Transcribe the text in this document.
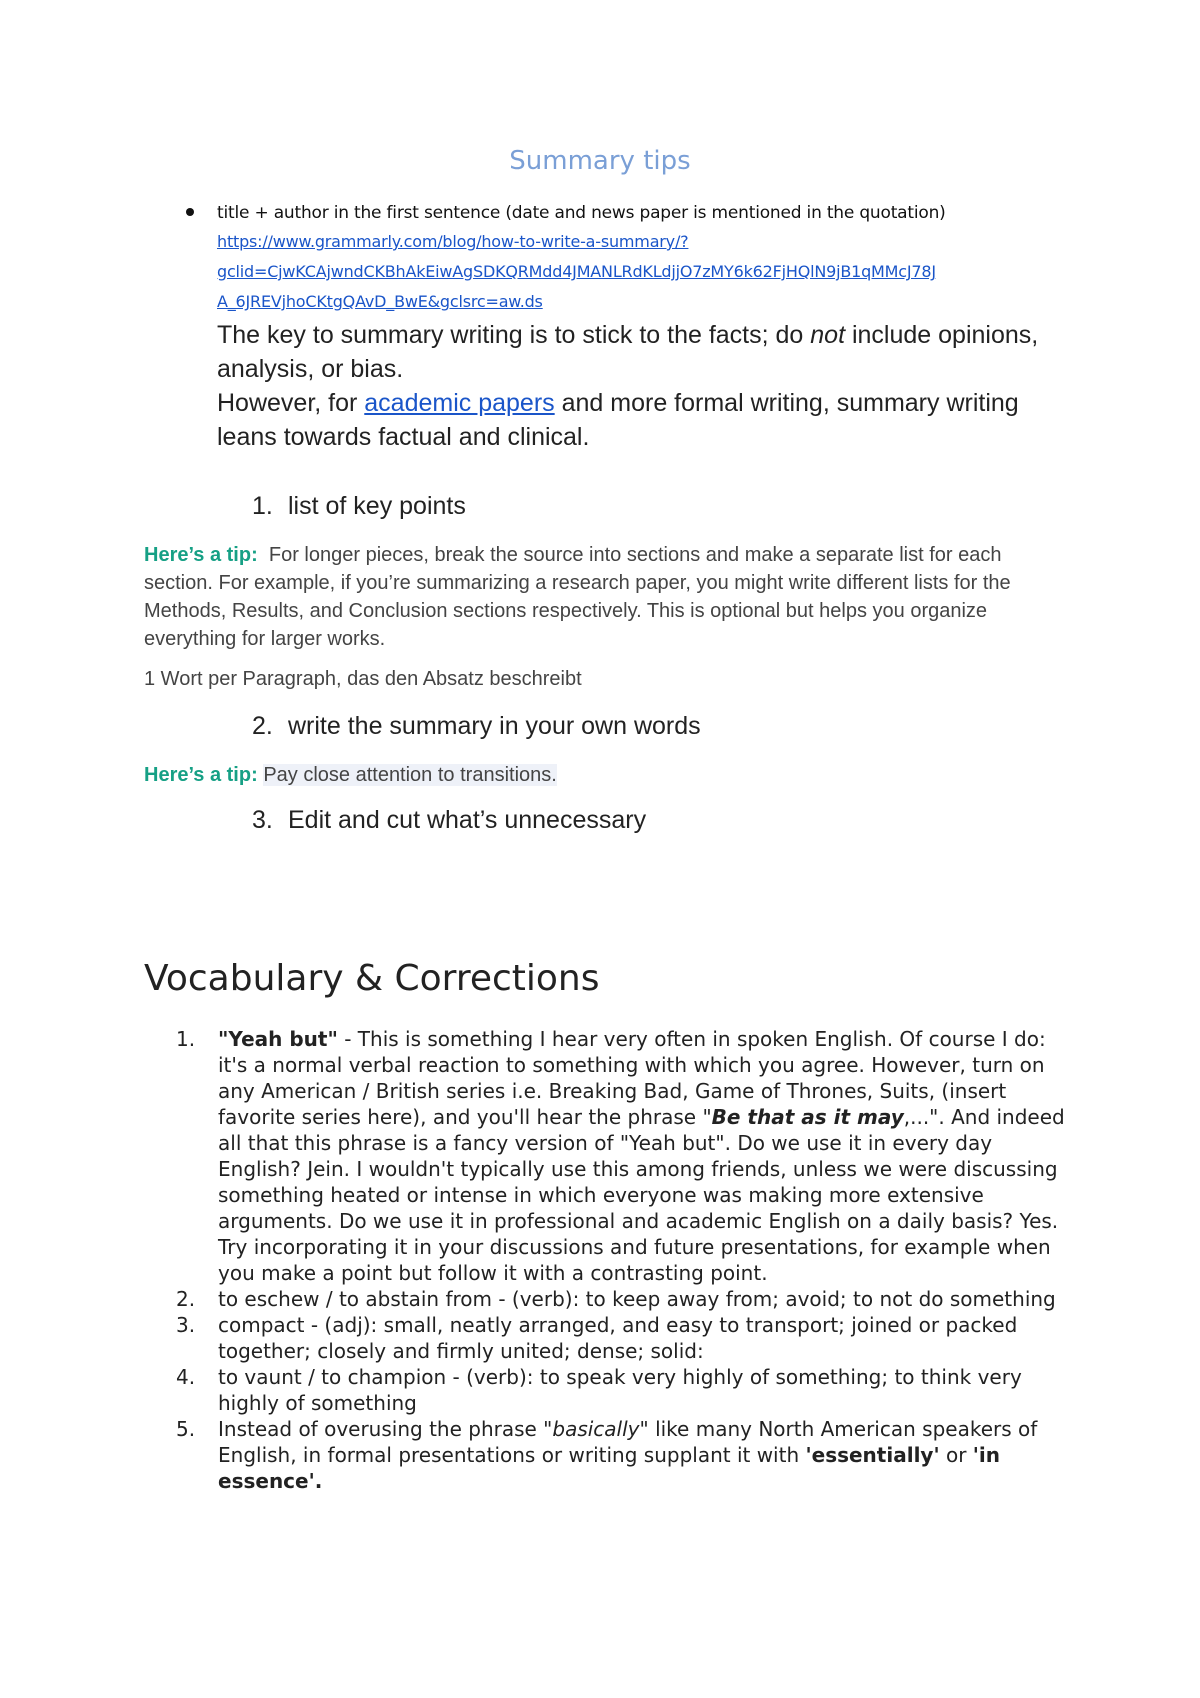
Summary tips
title + author in the first sentence (date and news paper is mentioned in the quotation)
https://www.grammarly.com/blog/how-to-write-a-summary/?
gclid=CjwKCAjwndCKBhAkEiwAgSDKQRMdd4JMANLRdKLdjjO7zMY6k62FjHQlN9jB1qMMcJ78J
A_6JREVjhoCKtgQAvD_BwE&gclsrc=aw.ds
The key to summary writing is to stick to the facts; do not include opinions, analysis, or bias.
However, for academic papers and more formal writing, summary writing leans towards factual and clinical.
1. list of key points
Here’s a tip: For longer pieces, break the source into sections and make a separate list for each section. For example, if you’re summarizing a research paper, you might write different lists for the Methods, Results, and Conclusion sections respectively. This is optional but helps you organize everything for larger works.
1 Wort per Paragraph, das den Absatz beschreibt
2. write the summary in your own words
Here’s a tip: Pay close attention to transitions.
3. Edit and cut what’s unnecessary
Vocabulary & Corrections
1. "Yeah but" - This is something I hear very often in spoken English. Of course I do: it's a normal verbal reaction to something with which you agree. However, turn on any American / British series i.e. Breaking Bad, Game of Thrones, Suits, (insert favorite series here), and you'll hear the phrase "Be that as it may,...". And indeed all that this phrase is a fancy version of "Yeah but". Do we use it in every day English? Jein. I wouldn't typically use this among friends, unless we were discussing something heated or intense in which everyone was making more extensive arguments. Do we use it in professional and academic English on a daily basis? Yes. Try incorporating it in your discussions and future presentations, for example when you make a point but follow it with a contrasting point.
2. to eschew / to abstain from - (verb): to keep away from; avoid; to not do something
3. compact - (adj): small, neatly arranged, and easy to transport; joined or packed together; closely and firmly united; dense; solid:
4. to vaunt / to champion - (verb): to speak very highly of something; to think very highly of something
5. Instead of overusing the phrase "basically" like many North American speakers of English, in formal presentations or writing supplant it with 'essentially' or 'in essence'.
